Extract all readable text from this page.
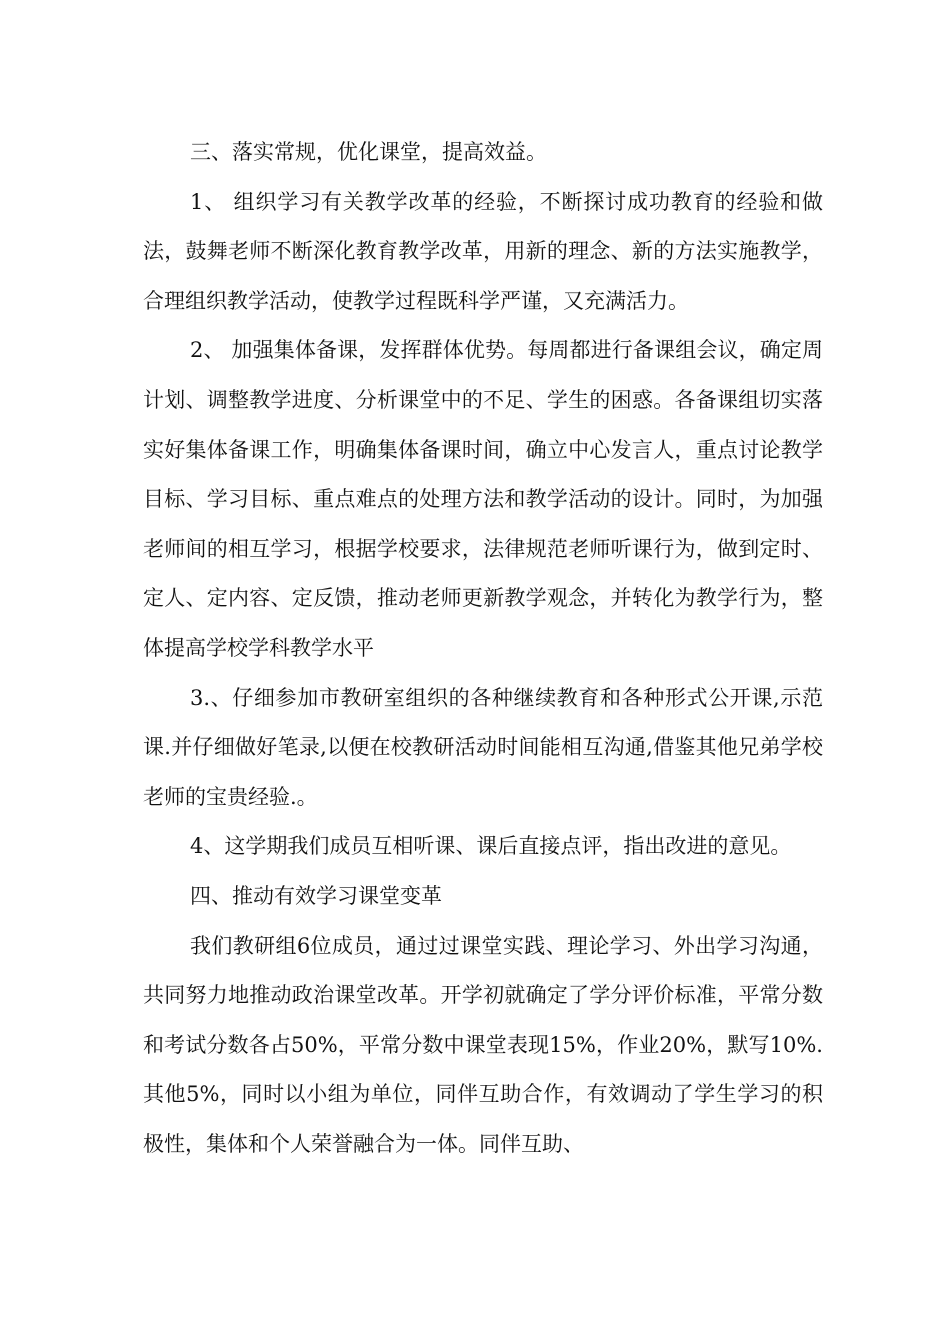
三、落实常规，优化课堂，提高效益。

1、 组织学习有关教学改革的经验，不断探讨成功教育的经验和做法，鼓舞老师不断深化教育教学改革，用新的理念、新的方法实施教学，合理组织教学活动，使教学过程既科学严谨，又充满活力。

2、 加强集体备课，发挥群体优势。每周都进行备课组会议，确定周计划、调整教学进度、分析课堂中的不足、学生的困惑。各备课组切实落实好集体备课工作，明确集体备课时间，确立中心发言人，重点讨论教学目标、学习目标、重点难点的处理方法和教学活动的设计。同时，为加强老师间的相互学习，根据学校要求，法律规范老师听课行为，做到定时、定人、定内容、定反馈，推动老师更新教学观念，并转化为教学行为，整体提高学校学科教学水平

3.、仔细参加市教研室组织的各种继续教育和各种形式公开课,示范课.并仔细做好笔录,以便在校教研活动时间能相互沟通,借鉴其他兄弟学校老师的宝贵经验.。

4、这学期我们成员互相听课、课后直接点评，指出改进的意见。

四、推动有效学习课堂变革

我们教研组6位成员，通过过课堂实践、理论学习、外出学习沟通，共同努力地推动政治课堂改革。开学初就确定了学分评价标准，平常分数和考试分数各占50%，平常分数中课堂表现15%，作业20%，默写10%.其他5%，同时以小组为单位，同伴互助合作，有效调动了学生学习的积极性，集体和个人荣誉融合为一体。同伴互助、
